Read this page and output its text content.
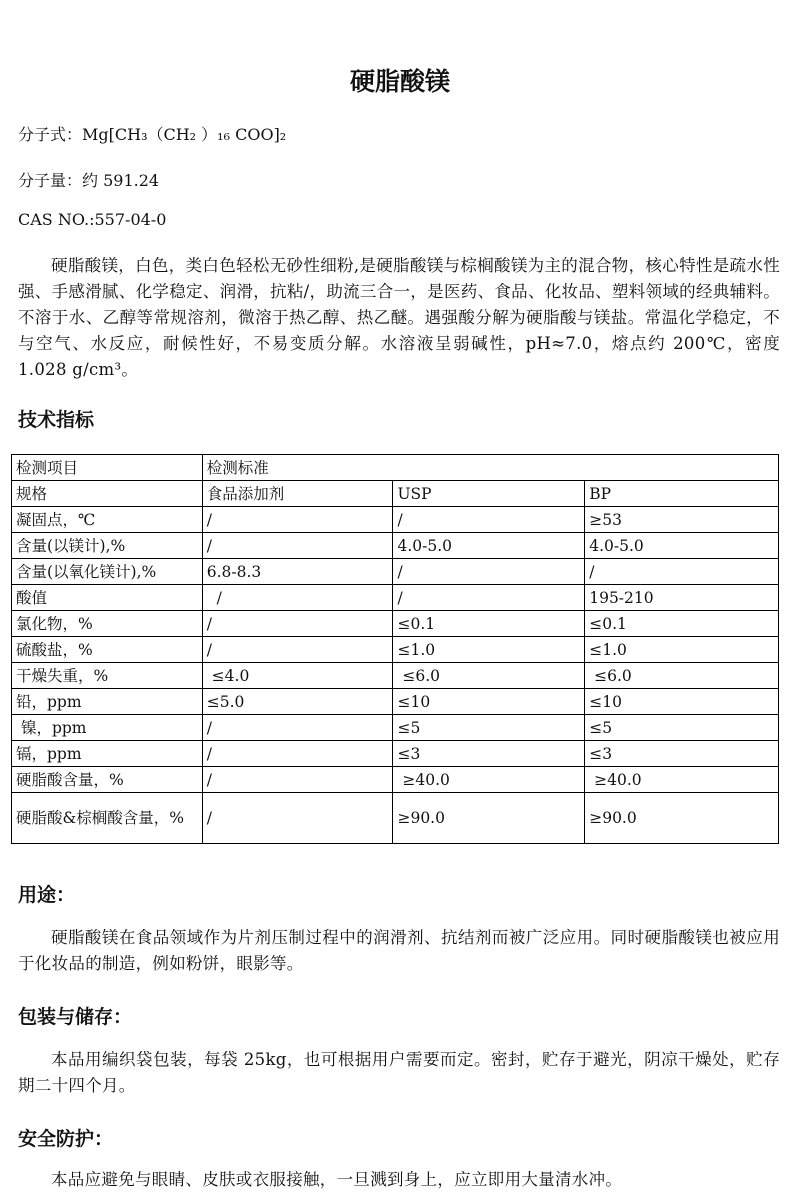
硬脂酸镁
分子式：Mg[CH₃（CH₂ ）₁₆ COO]₂
分子量：约 591.24
CAS NO.:557-04-0
硬脂酸镁，白色，类白色轻松无砂性细粉,是硬脂酸镁与棕榈酸镁为主的混合物，核心特性是疏水性强、手感滑腻、化学稳定、润滑，抗粘/，助流三合一，是医药、食品、化妆品、塑料领域的经典辅料。不溶于水、乙醇等常规溶剂，微溶于热乙醇、热乙醚。遇强酸分解为硬脂酸与镁盐。常温化学稳定，不与空气、水反应，耐候性好，不易变质分解。水溶液呈弱碱性，pH≈7.0，熔点约 200℃，密度 1.028 g/cm³。
技术指标
检测项目	检测标准		
规格	食品添加剂	USP	BP
凝固点，℃	/	/	≥53
含量(以镁计),%	/	4.0-5.0	4.0-5.0
含量(以氧化镁计),%	6.8-8.3	/	/
酸值	/	/	195-210
氯化物，%	/	≤0.1	≤0.1
硫酸盐，%	/	≤1.0	≤1.0
干燥失重，%	≤4.0	≤6.0	≤6.0
铅，ppm	≤5.0	≤10	≤10
镍，ppm	/	≤5	≤5
镉，ppm	/	≤3	≤3
硬脂酸含量，%	/	≥40.0	≥40.0
硬脂酸&棕榈酸含量，%	/	≥90.0	≥90.0
用途：
硬脂酸镁在食品领域作为片剂压制过程中的润滑剂、抗结剂而被广泛应用。同时硬脂酸镁也被应用于化妆品的制造，例如粉饼，眼影等。
包装与储存：
本品用编织袋包装，每袋 25kg，也可根据用户需要而定。密封，贮存于避光，阴凉干燥处，贮存期二十四个月。
安全防护：
本品应避免与眼睛、皮肤或衣服接触，一旦溅到身上，应立即用大量清水冲。
